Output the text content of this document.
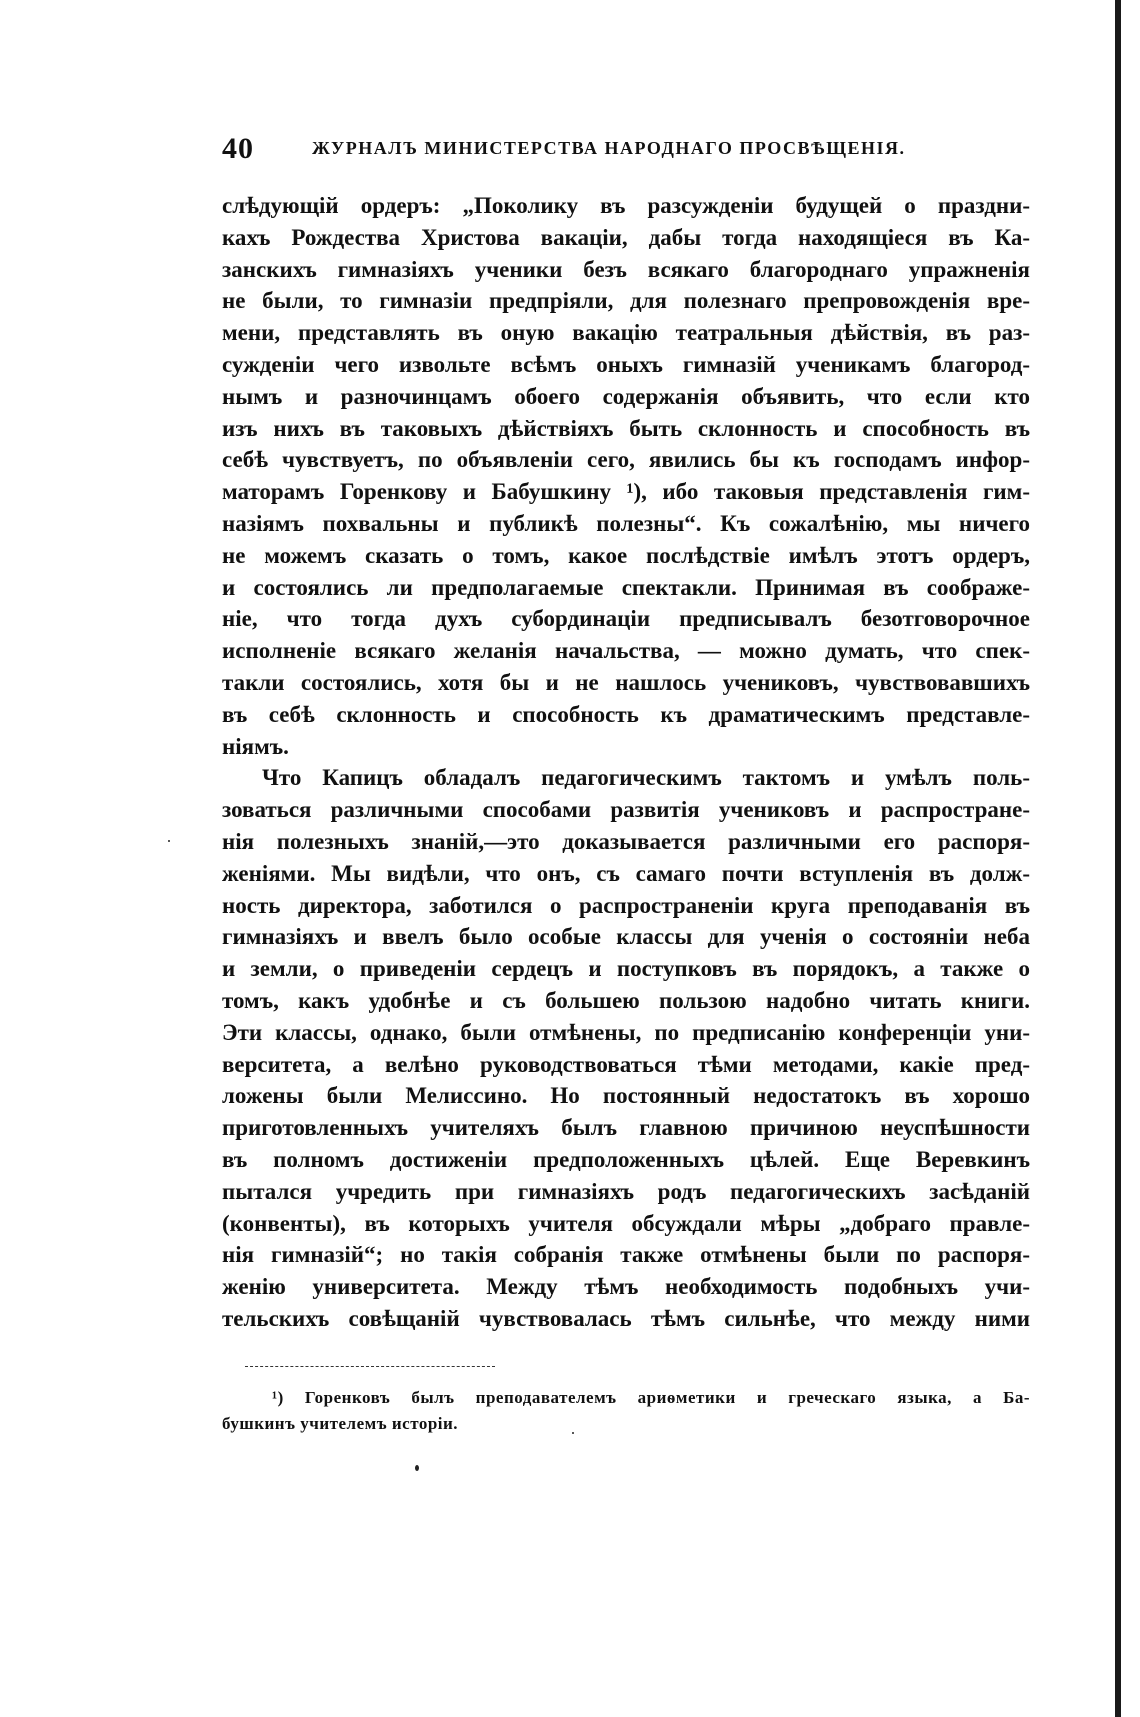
40	ЖУРНАЛЪ МИНИСТЕРСТВА НАРОДНАГО ПРОСВѢЩЕНІЯ.
слѣдующій ордеръ: „Поколику въ разсужденіи будущей о праздни-
кахъ Рождества Христова вакаціи, дабы тогда находящіеся въ Ка-
занскихъ гимназіяхъ ученики безъ всякаго благороднаго упражненія
не были, то гимназіи предпріяли, для полезнаго препровожденія вре-
мени, представлять въ оную вакацію театральныя дѣйствія, въ раз-
сужденіи чего извольте всѣмъ оныхъ гимназій ученикамъ благород-
нымъ и разночинцамъ обоего содержанія объявить, что если кто
изъ нихъ въ таковыхъ дѣйствіяхъ быть склонность и способность въ
себѣ чувствуетъ, по объявленіи сего, явились бы къ господамъ инфор-
маторамъ Горенкову и Бабушкину ¹), ибо таковыя представленія гим-
назіямъ похвальны и публикѣ полезны“. Къ сожалѣнію, мы ничего
не можемъ сказать о томъ, какое послѣдствіе имѣлъ этотъ ордеръ,
и состоялись ли предполагаемые спектакли. Принимая въ соображе-
ніе, что тогда духъ субординаціи предписывалъ безотговорочное
исполненіе всякаго желанія начальства, — можно думать, что спек-
такли состоялись, хотя бы и не нашлось учениковъ, чувствовавшихъ
въ себѣ склонность и способность къ драматическимъ представле-
ніямъ.
Что Капицъ обладалъ педагогическимъ тактомъ и умѣлъ поль-
зоваться различными способами развитія учениковъ и распростране-
нія полезныхъ знаній,—это доказывается различными его распоря-
женіями. Мы видѣли, что онъ, съ самаго почти вступленія въ долж-
ность директора, заботился о распространеніи круга преподаванія въ
гимназіяхъ и ввелъ было особые классы для ученія о состояніи неба
и земли, о приведеніи сердецъ и поступковъ въ порядокъ, а также о
томъ, какъ удобнѣе и съ большею пользою надобно читать книги.
Эти классы, однако, были отмѣнены, по предписанію конференціи уни-
верситета, а велѣно руководствоваться тѣми методами, какіе пред-
ложены были Мелиссино. Но постоянный недостатокъ въ хорошо
приготовленныхъ учителяхъ былъ главною причиною неуспѣшности
въ полномъ достиженіи предположенныхъ цѣлей. Еще Веревкинъ
пытался учредить при гимназіяхъ родъ педагогическихъ засѣданій
(конвенты), въ которыхъ учителя обсуждали мѣры „добраго правле-
нія гимназій“; но такія собранія также отмѣнены были по распоря-
женію университета. Между тѣмъ необходимость подобныхъ учи-
тельскихъ совѣщаній чувствовалась тѣмъ сильнѣе, что между ними
¹) Горенковъ былъ преподавателемъ ариѳметики и греческаго языка, а Ба-
бушкинъ учителемъ исторіи.
